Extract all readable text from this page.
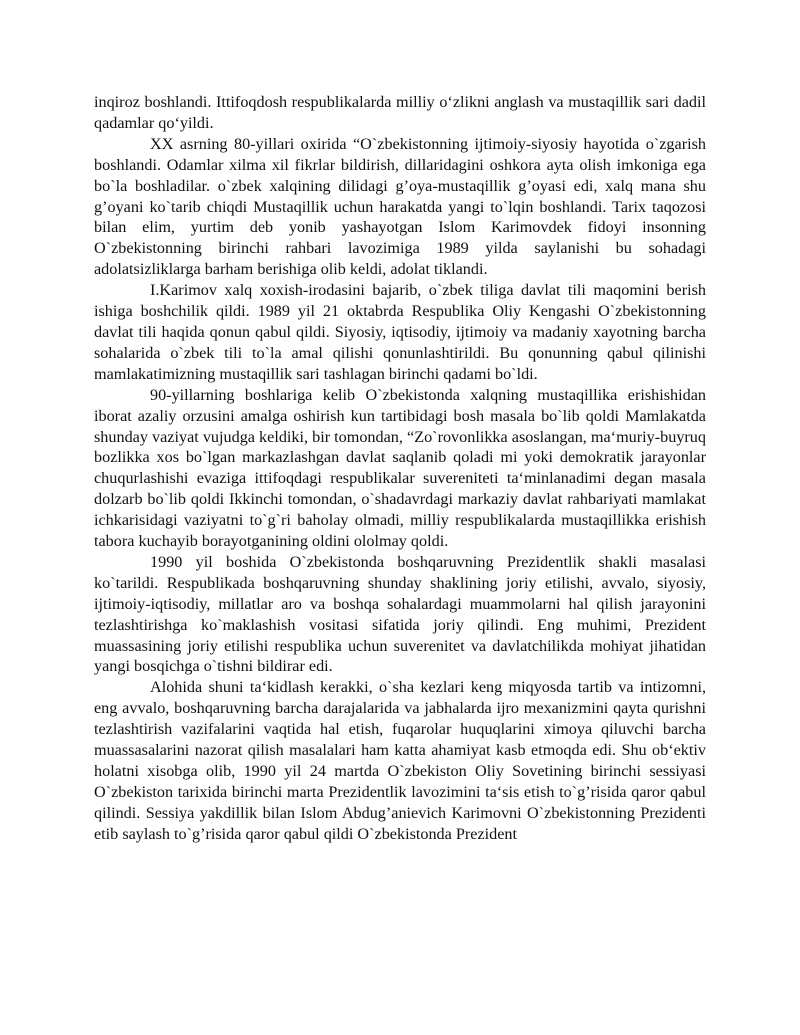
inqiroz boshlandi. Ittifoqdosh respublikalarda milliy o‘zlikni anglash va mustaqillik sari dadil qadamlar qo‘yildi.

XX asrning 80-yillari oxirida “O`zbekistonning ijtimoiy-siyosiy hayotida o`zgarish boshlandi. Odamlar xilma xil fikrlar bildirish, dillaridagini oshkora ayta olish imkoniga ega bo`la boshladilar. o`zbek xalqining dilidagi g’oya-mustaqillik g’oyasi edi, xalq mana shu g’oyani ko`tarib chiqdi Mustaqillik uchun harakatda yangi to`lqin boshlandi. Tarix taqozosi bilan elim, yurtim deb yonib yashayotgan Islom Karimovdek fidoyi insonning O`zbekistonning birinchi rahbari lavozimiga 1989 yilda saylanishi bu sohadagi adolatsizliklarga barham berishiga olib keldi, adolat tiklandi.

I.Karimov xalq xoxish-irodasini bajarib, o`zbek tiliga davlat tili maqomini berish ishiga boshchilik qildi. 1989 yil 21 oktabrda Respublika Oliy Kengashi O`zbekistonning davlat tili haqida qonun qabul qildi. Siyosiy, iqtisodiy, ijtimoiy va madaniy xayotning barcha sohalarida o`zbek tili to`la amal qilishi qonunlashtirildi. Bu qonunning qabul qilinishi mamlakatimizning mustaqillik sari tashlagan birinchi qadami bo`ldi.

90-yillarning boshlariga kelib O`zbekistonda xalqning mustaqillika erishishidan iborat azaliy orzusini amalga oshirish kun tartibidagi bosh masala bo`lib qoldi Mamlakatda shunday vaziyat vujudga keldiki, bir tomondan, “Zo`rovonlikka asoslangan, ma‘muriy-buyruq bozlikka xos bo`lgan markazlashgan davlat saqlanib qoladi mi yoki demokratik jarayonlar chuqurlashishi evaziga ittifoqdagi respublikalar suvereniteti ta‘minlanadimi degan masala dolzarb bo`lib qoldi Ikkinchi tomondan, o`shadavrdagi markaziy davlat rahbariyati mamlakat ichkarisidagi vaziyatni to`g`ri baholay olmadi, milliy respublikalarda mustaqillikka erishish tabora kuchayib borayotganining oldini ololmay qoldi.

1990 yil boshida O`zbekistonda boshqaruvning Prezidentlik shakli masalasi ko`tarildi. Respublikada boshqaruvning shunday shaklining joriy etilishi, avvalo, siyosiy, ijtimoiy-iqtisodiy, millatlar aro va boshqa sohalardagi muammolarni hal qilish jarayonini tezlashtirishga ko`maklashish vositasi sifatida joriy qilindi. Eng muhimi, Prezident muassasining joriy etilishi respublika uchun suverenitet va davlatchilikda mohiyat jihatidan yangi bosqichga o`tishni bildirar edi.

Alohida shuni ta‘kidlash kerakki, o`sha kezlari keng miqyosda tartib va intizomni, eng avvalo, boshqaruvning barcha darajalarida va jabhalarda ijro mexanizmini qayta qurishni tezlashtirish vazifalarini vaqtida hal etish, fuqarolar huquqlarini ximoya qiluvchi barcha muassasalarini nazorat qilish masalalari ham katta ahamiyat kasb etmoqda edi. Shu ob‘ektiv holatni xisobga olib, 1990 yil 24 martda O`zbekiston Oliy Sovetining birinchi sessiyasi O`zbekiston tarixida birinchi marta Prezidentlik lavozimini ta‘sis etish to`g’risida qaror qabul qilindi. Sessiya yakdillik bilan Islom Abdug’anievich Karimovni O`zbekistonning Prezidenti etib saylash to`g’risida qaror qabul qildi O`zbekistonda Prezident
